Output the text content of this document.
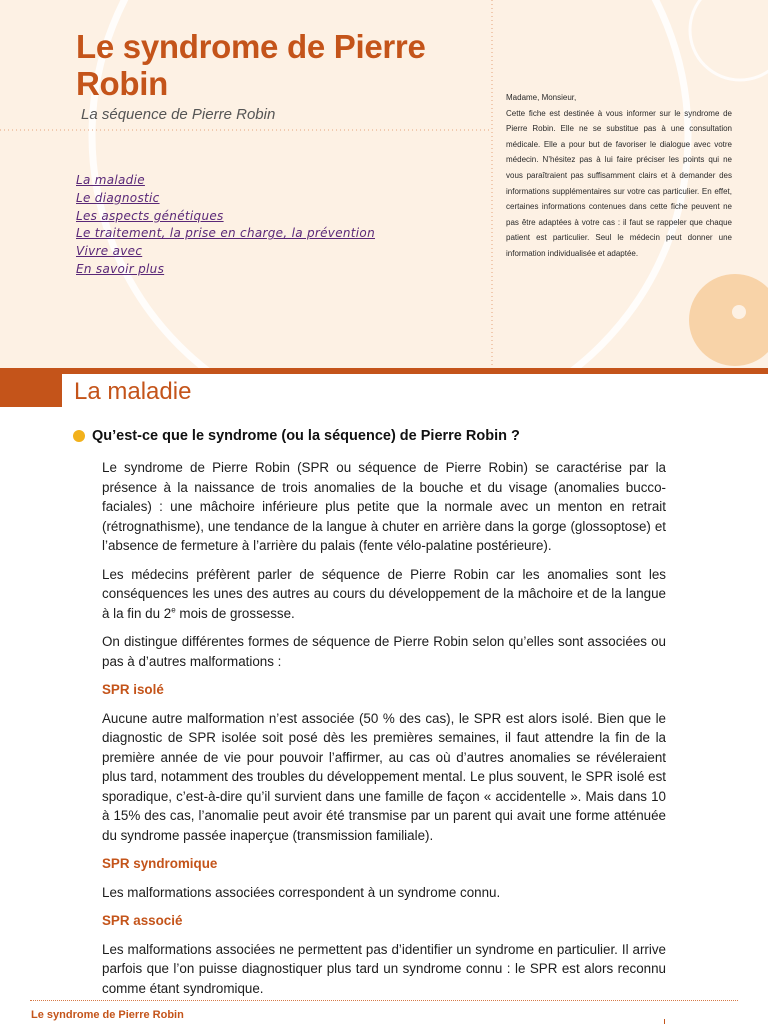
Le syndrome de Pierre Robin
La séquence de Pierre Robin
La maladie
Le diagnostic
Les aspects génétiques
Le traitement, la prise en charge, la prévention
Vivre avec
En savoir plus

Madame, Monsieur,

Cette fiche est destinée à vous informer sur le syndrome de Pierre Robin. Elle ne se substitue pas à une consultation médicale. Elle a pour but de favoriser le dialogue avec votre médecin. N’hésitez pas à lui faire préciser les points qui ne vous paraîtraient pas suffisamment clairs et à demander des informations supplémentaires sur votre cas particulier. En effet, certaines informations contenues dans cette fiche peuvent ne pas être adaptées à votre cas : il faut se rappeler que chaque patient est particulier. Seul le médecin peut donner une information individualisée et adaptée.

La maladie
Qu’est-ce que le syndrome (ou la séquence) de Pierre Robin ?

Le syndrome de Pierre Robin (SPR ou séquence de Pierre Robin) se caractérise par la présence à la naissance de trois anomalies de la bouche et du visage (anomalies bucco-faciales) : une mâchoire inférieure plus petite que la normale avec un menton en retrait (rétrognathisme), une tendance de la langue à chuter en arrière dans la gorge (glossoptose) et l’absence de fermeture à l’arrière du palais (fente vélo-palatine postérieure).

Les médecins préfèrent parler de séquence de Pierre Robin car les anomalies sont les conséquences les unes des autres au cours du développement de la mâchoire et de la langue à la fin du 2e mois de grossesse.

On distingue différentes formes de séquence de Pierre Robin selon qu’elles sont associées ou pas à d’autres malformations :

SPR isolé

Aucune autre malformation n’est associée (50 % des cas), le SPR est alors isolé. Bien que le diagnostic de SPR isolée soit posé dès les premières semaines, il faut attendre la fin de la première année de vie pour pouvoir l’affirmer, au cas où d’autres anomalies se révéleraient plus tard, notamment des troubles du développement mental. Le plus souvent, le SPR isolé est sporadique, c’est-à-dire qu’il survient dans une famille de façon « accidentelle ». Mais dans 10 à 15% des cas, l’anomalie peut avoir été transmise par un parent qui avait une forme atténuée du syndrome passée inaperçue (transmission familiale).

SPR syndromique

Les malformations associées correspondent à un syndrome connu.

SPR associé

Les malformations associées ne permettent pas d’identifier un syndrome en particulier. Il arrive parfois que l’on puisse diagnostiquer plus tard un syndrome connu : le SPR est alors reconnu comme étant syndromique.

Le syndrome de Pierre Robin
